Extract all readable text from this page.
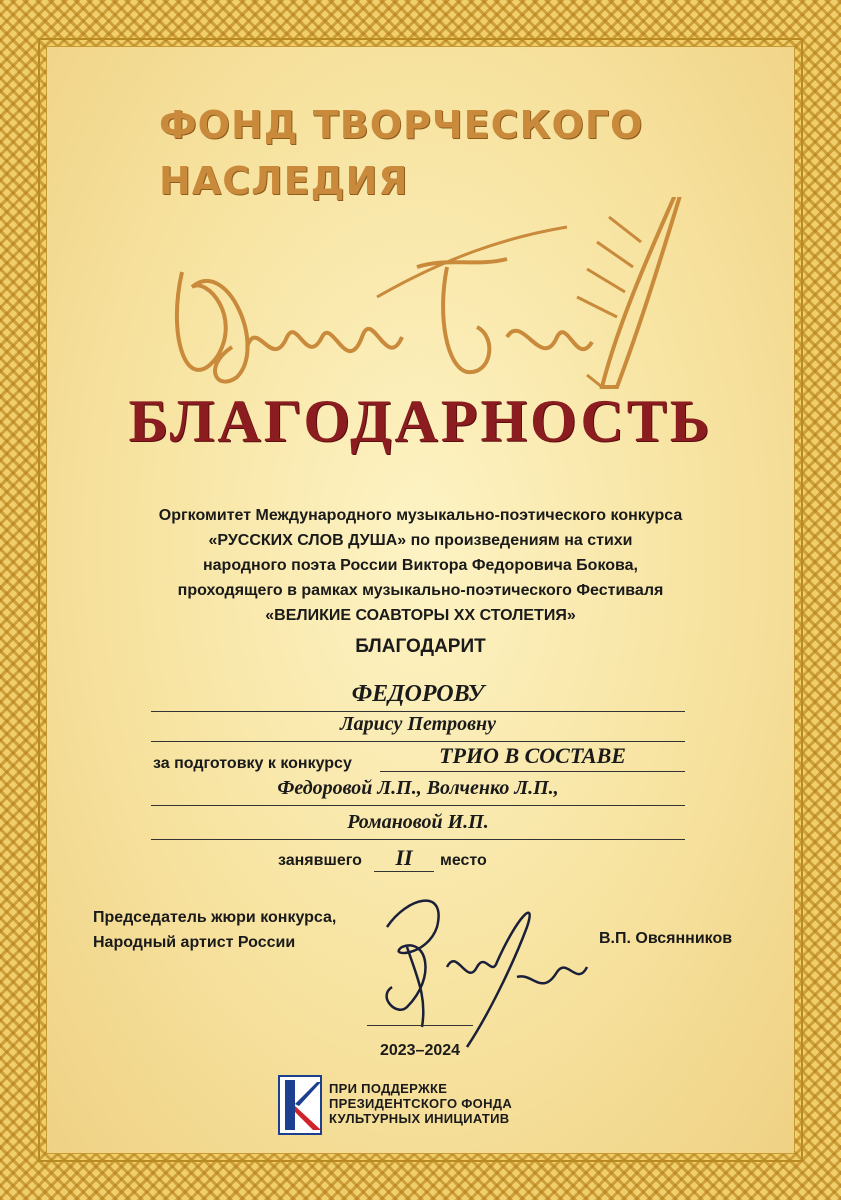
ФОНД ТВОРЧЕСКОГО
НАСЛЕДИЯ
БЛАГОДАРНОСТЬ
Оргкомитет Международного музыкально-поэтического конкурса
«РУССКИХ СЛОВ ДУША» по произведениям на стихи
народного поэта России Виктора Федоровича Бокова,
проходящего в рамках музыкально-поэтического Фестиваля
«ВЕЛИКИЕ СОАВТОРЫ XX СТОЛЕТИЯ»
БЛАГОДАРИТ
ФЕДОРОВУ
Ларису Петровну
за подготовку к конкурсу	ТРИО В СОСТАВЕ
Федоровой Л.П., Волченко Л.П.,
Романовой И.П.
занявшего	II	место
Председатель жюри конкурса,
Народный артист России	В.П. Овсянников
2023–2024
ПРИ ПОДДЕРЖКЕ
ПРЕЗИДЕНТСКОГО ФОНДА
КУЛЬТУРНЫХ ИНИЦИАТИВ
